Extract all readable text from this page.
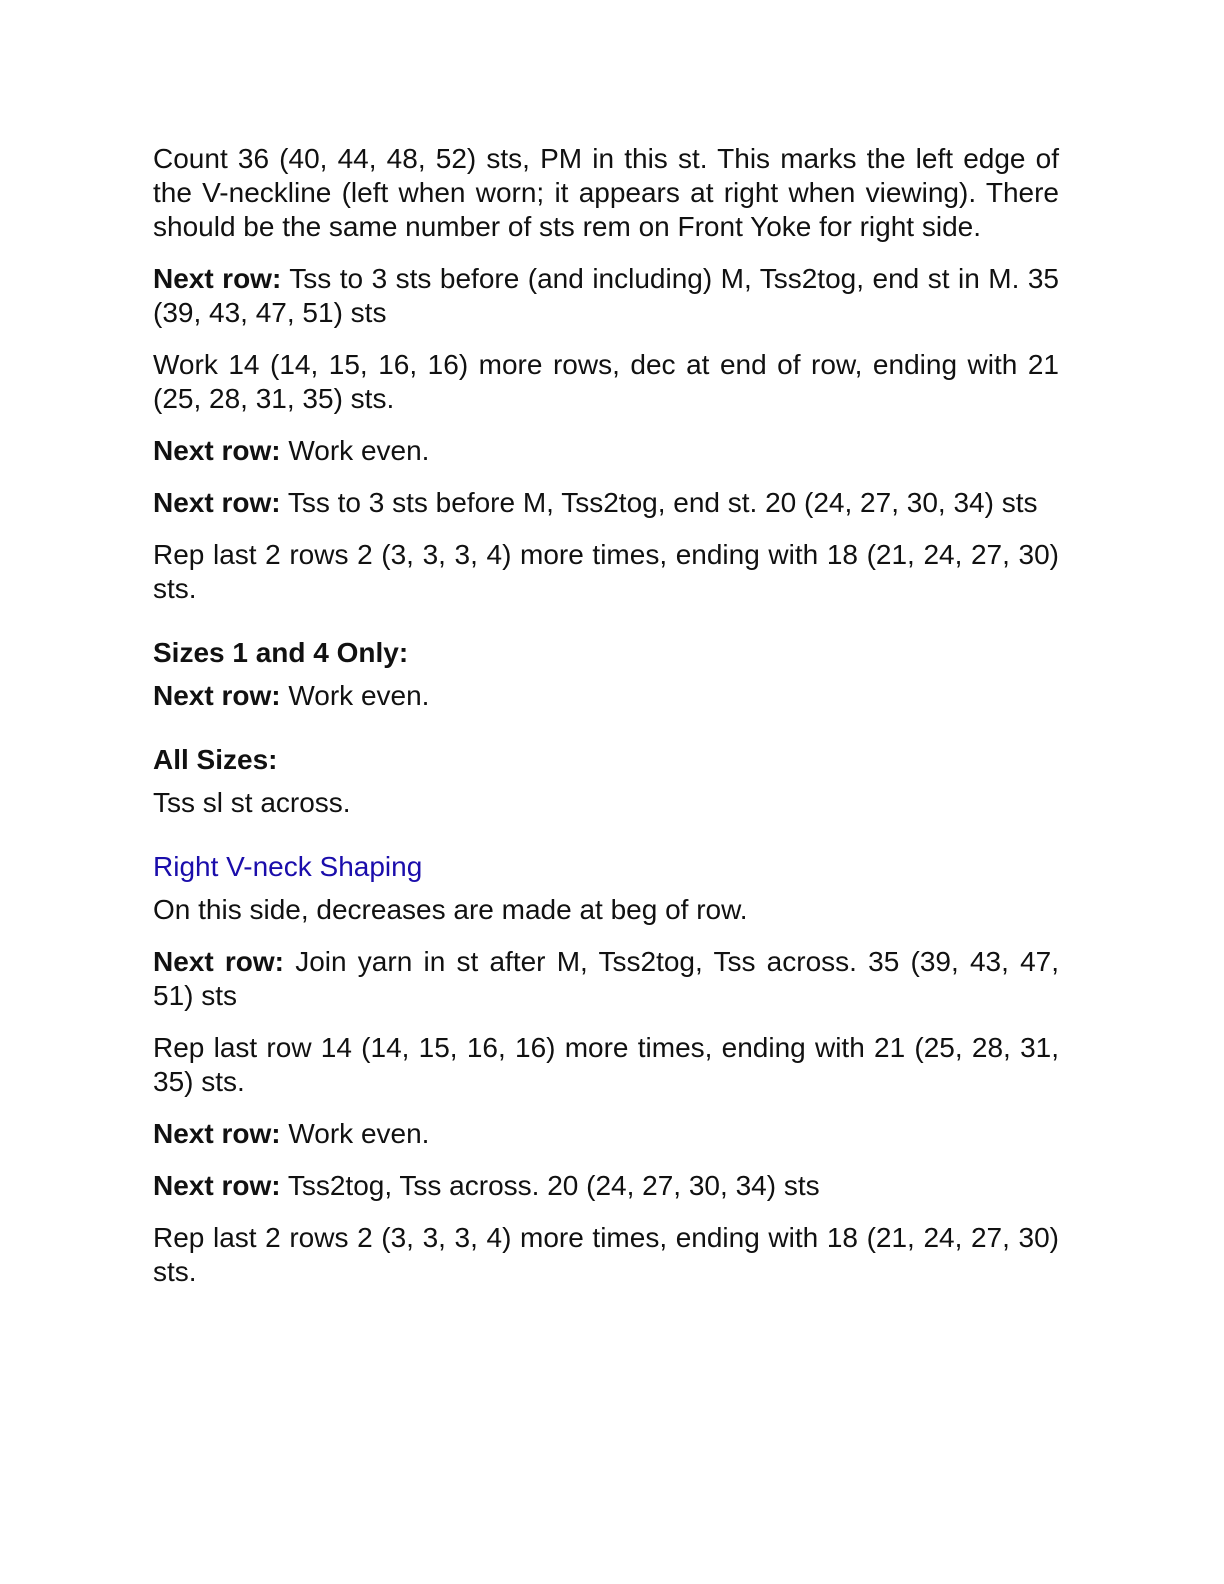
Count 36 (40, 44, 48, 52) sts, PM in this st. This marks the left edge of the V-neckline (left when worn; it appears at right when viewing). There should be the same number of sts rem on Front Yoke for right side.

Next row: Tss to 3 sts before (and including) M, Tss2tog, end st in M. 35 (39, 43, 47, 51) sts

Work 14 (14, 15, 16, 16) more rows, dec at end of row, ending with 21 (25, 28, 31, 35) sts.

Next row: Work even.

Next row: Tss to 3 sts before M, Tss2tog, end st. 20 (24, 27, 30, 34) sts

Rep last 2 rows 2 (3, 3, 3, 4) more times, ending with 18 (21, 24, 27, 30) sts.

Sizes 1 and 4 Only:

Next row: Work even.

All Sizes:

Tss sl st across.

Right V-neck Shaping

On this side, decreases are made at beg of row.

Next row: Join yarn in st after M, Tss2tog, Tss across. 35 (39, 43, 47, 51) sts

Rep last row 14 (14, 15, 16, 16) more times, ending with 21 (25, 28, 31, 35) sts.

Next row: Work even.

Next row: Tss2tog, Tss across. 20 (24, 27, 30, 34) sts

Rep last 2 rows 2 (3, 3, 3, 4) more times, ending with 18 (21, 24, 27, 30) sts.
